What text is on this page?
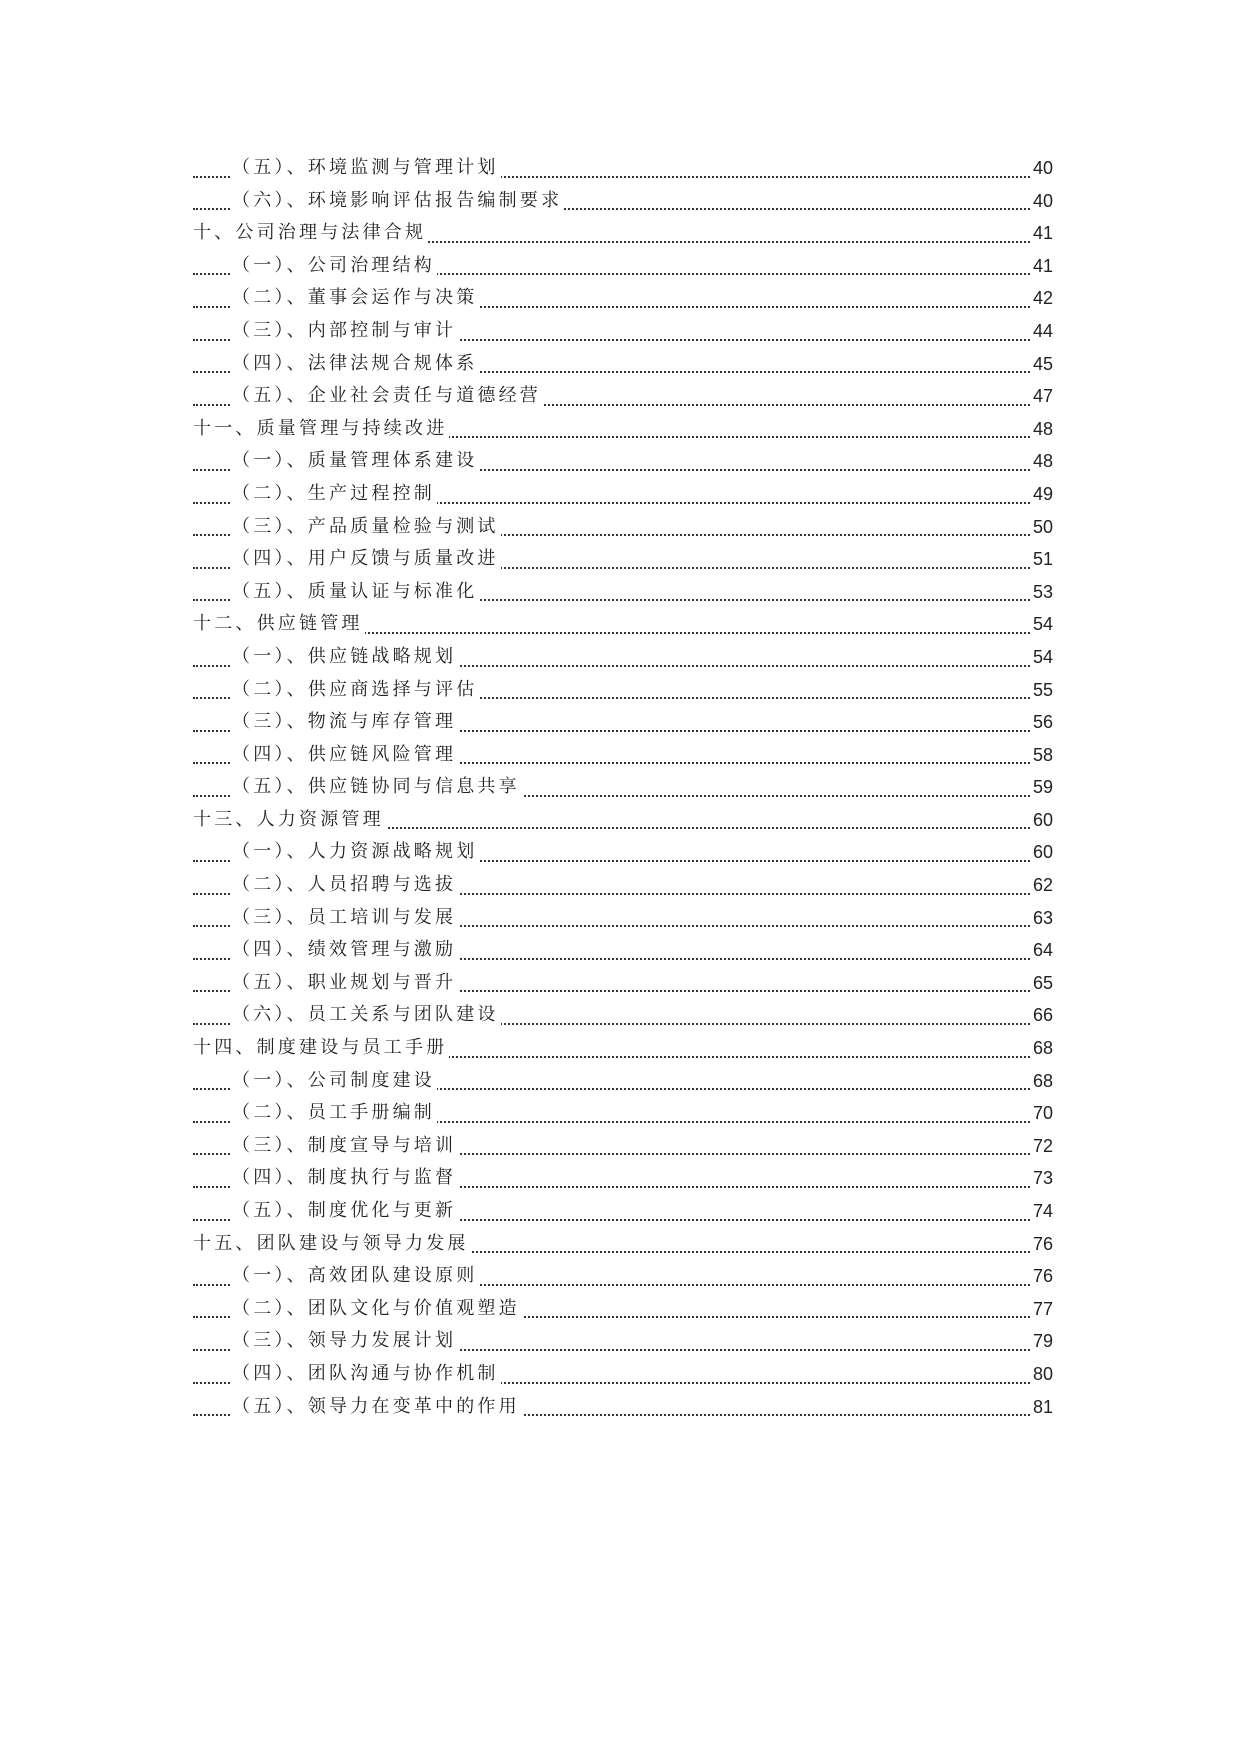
（五）、环境监测与管理计划	40
（六）、环境影响评估报告编制要求	40
十、公司治理与法律合规	41
（一）、公司治理结构	41
（二）、董事会运作与决策	42
（三）、内部控制与审计	44
（四）、法律法规合规体系	45
（五）、企业社会责任与道德经营	47
十一、质量管理与持续改进	48
（一）、质量管理体系建设	48
（二）、生产过程控制	49
（三）、产品质量检验与测试	50
（四）、用户反馈与质量改进	51
（五）、质量认证与标准化	53
十二、供应链管理	54
（一）、供应链战略规划	54
（二）、供应商选择与评估	55
（三）、物流与库存管理	56
（四）、供应链风险管理	58
（五）、供应链协同与信息共享	59
十三、人力资源管理	60
（一）、人力资源战略规划	60
（二）、人员招聘与选拔	62
（三）、员工培训与发展	63
（四）、绩效管理与激励	64
（五）、职业规划与晋升	65
（六）、员工关系与团队建设	66
十四、制度建设与员工手册	68
（一）、公司制度建设	68
（二）、员工手册编制	70
（三）、制度宣导与培训	72
（四）、制度执行与监督	73
（五）、制度优化与更新	74
十五、团队建设与领导力发展	76
（一）、高效团队建设原则	76
（二）、团队文化与价值观塑造	77
（三）、领导力发展计划	79
（四）、团队沟通与协作机制	80
（五）、领导力在变革中的作用	81
